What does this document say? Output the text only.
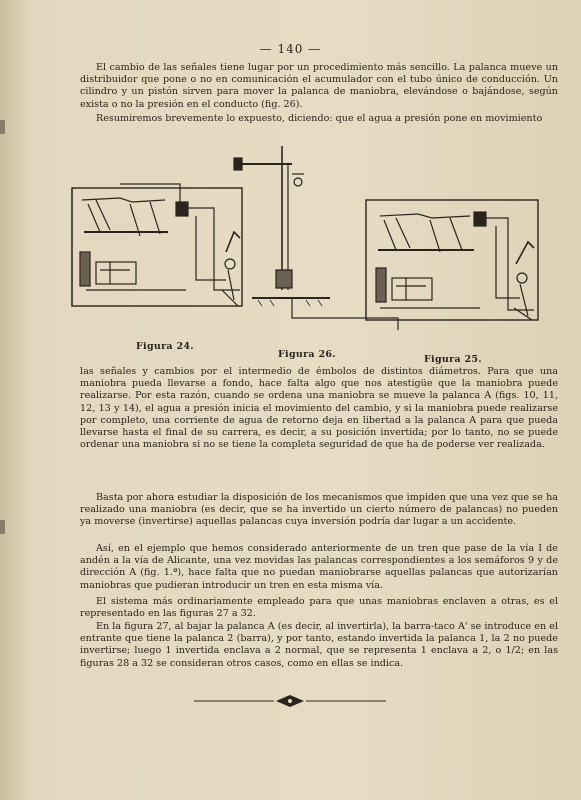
— 140 —

El cambio de las señales tiene lugar por un procedimiento más sencillo. La palanca mueve un distribuidor que pone o no en comunicación el acumulador con el tubo único de conducción. Un cilindro y un pistón sirven para mover la palanca de maniobra, elevándose o bajándose, según exista o no la presión en el conducto (fig. 26).

Resumiremos brevemente lo expuesto, diciendo: que el agua a presión pone en movimiento

Figura 24.
Figura 26.	Figura 25.

las señales y cambios por el intermedio de émbolos de distintos diámetros. Para que una maniobra pueda llevarse a fondo, hace falta algo que nos atestigüe que la maniobra puede realizarse. Por esta razón, cuando se ordena una maniobra se mueve la palanca A (figs. 10, 11, 12, 13 y 14), el agua a presión inicia el movimiento del cambio, y si la maniobra puede realizarse por completo, una corriente de agua de retorno deja en libertad a la palanca A para que pueda llevarse hasta el final de su carrera, es decir, a su posición invertida; por lo tanto, no se puede ordenar una maniobra si no se tiene la completa seguridad de que ha de poderse ver realizada.

Basta por ahora estudiar la disposición de los mecanismos que impiden que una vez que se ha realizado una maniobra (es decir, que se ha invertido un cierto número de palancas) no pueden ya moverse (invertirse) aquellas palancas cuya inversión podría dar lugar a un accidente.

Así, en el ejemplo que hemos considerado anteriormente de un tren que pase de la vía I de andén a la vía de Alicante, una vez movidas las palancas correspondientes a los semáforos 9 y de dirección A (fig. 1.ª), hace falta que no puedan maniobrarse aquellas palancas que autorizarían maniobras que pudieran introducir un tren en esta misma vía.

El sistema más ordinariamente empleado para que unas maniobras enclaven a otras, es el representado en las figuras 27 a 32.

En la figura 27, al bajar la palanca A (es decir, al invertirla), la barra-taco A' se introduce en el entrante que tiene la palanca 2 (barra), y por tanto, estando invertida la palanca 1, la 2 no puede invertirse; luego 1 invertida enclava a 2 normal, que se representa 1 enclava a 2, o 1/2; en las figuras 28 a 32 se consideran otros casos, como en ellas se indica.
